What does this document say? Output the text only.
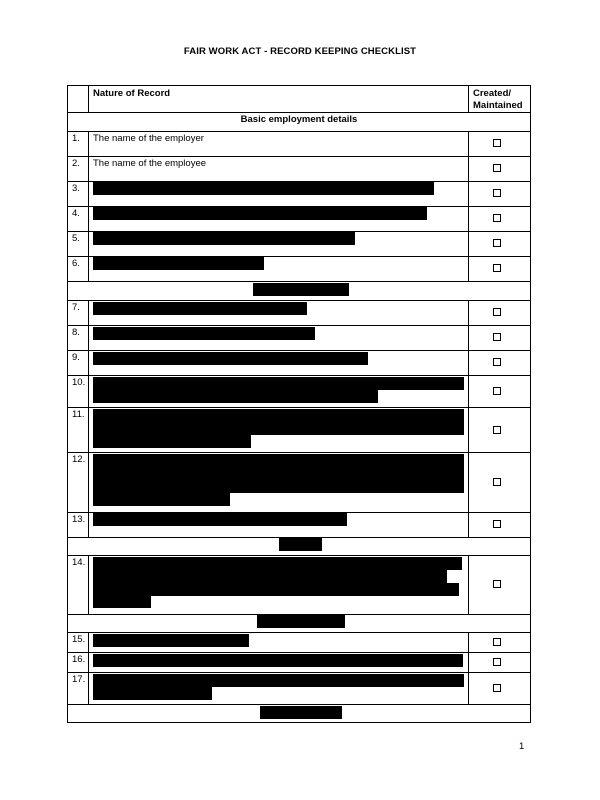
FAIR WORK ACT - RECORD KEEPING CHECKLIST
Nature of Record	Created/ Maintained
Basic employment details
1.
2.
3.
4.
5.
6.
7.
8.
9.
10.
11.
12.
13.
14.
15.
16.
17.
The name of the employer
The name of the employee
1
